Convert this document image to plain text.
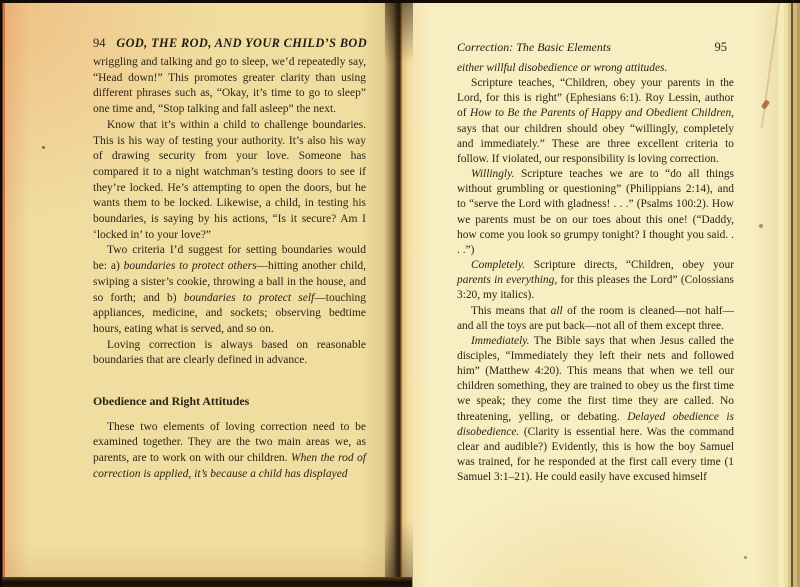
94 GOD, THE ROD, AND YOUR CHILD’S BOD

wriggling and talking and go to sleep, we’d repeatedly say, “Head down!” This promotes greater clarity than using different phrases such as, “Okay, it’s time to go to sleep” one time and, “Stop talking and fall asleep” the next.

Know that it’s within a child to challenge boundaries. This is his way of testing your authority. It’s also his way of drawing security from your love. Someone has compared it to a night watchman’s testing doors to see if they’re locked. He’s attempting to open the doors, but he wants them to be locked. Likewise, a child, in testing his boundaries, is saying by his actions, “Is it secure? Am I ‘locked in’ to your love?”

Two criteria I’d suggest for setting boundaries would be: a) boundaries to protect others—hitting another child, swiping a sister’s cookie, throwing a ball in the house, and so forth; and b) boundaries to protect self—touching appliances, medicine, and sockets; observing bedtime hours, eating what is served, and so on.

Loving correction is always based on reasonable boundaries that are clearly defined in advance.

Obedience and Right Attitudes

These two elements of loving correction need to be examined together. They are the two main areas we, as parents, are to work on with our children. When the rod of correction is applied, it’s because a child has displayed

Correction: The Basic Elements	95

either willful disobedience or wrong attitudes.

Scripture teaches, “Children, obey your parents in the Lord, for this is right” (Ephesians 6:1). Roy Lessin, author of How to Be the Parents of Happy and Obedient Children, says that our children should obey “willingly, completely and immediately.” These are three excellent criteria to follow. If violated, our responsibility is loving correction.

Willingly. Scripture teaches we are to “do all things without grumbling or questioning” (Philippians 2:14), and to “serve the Lord with gladness! . . .” (Psalms 100:2). How we parents must be on our toes about this one! (“Daddy, how come you look so grumpy tonight? I thought you said. . . .”)

Completely. Scripture directs, “Children, obey your parents in everything, for this pleases the Lord” (Colossians 3:20, my italics).

This means that all of the room is cleaned—not half—and all the toys are put back—not all of them except three.

Immediately. The Bible says that when Jesus called the disciples, “Immediately they left their nets and followed him” (Matthew 4:20). This means that when we tell our children something, they are trained to obey us the first time we speak; they come the first time they are called. No threatening, yelling, or debating. Delayed obedience is disobedience. (Clarity is essential here. Was the command clear and audible?) Evidently, this is how the boy Samuel was trained, for he responded at the first call every time (1 Samuel 3:1–21). He could easily have excused himself
